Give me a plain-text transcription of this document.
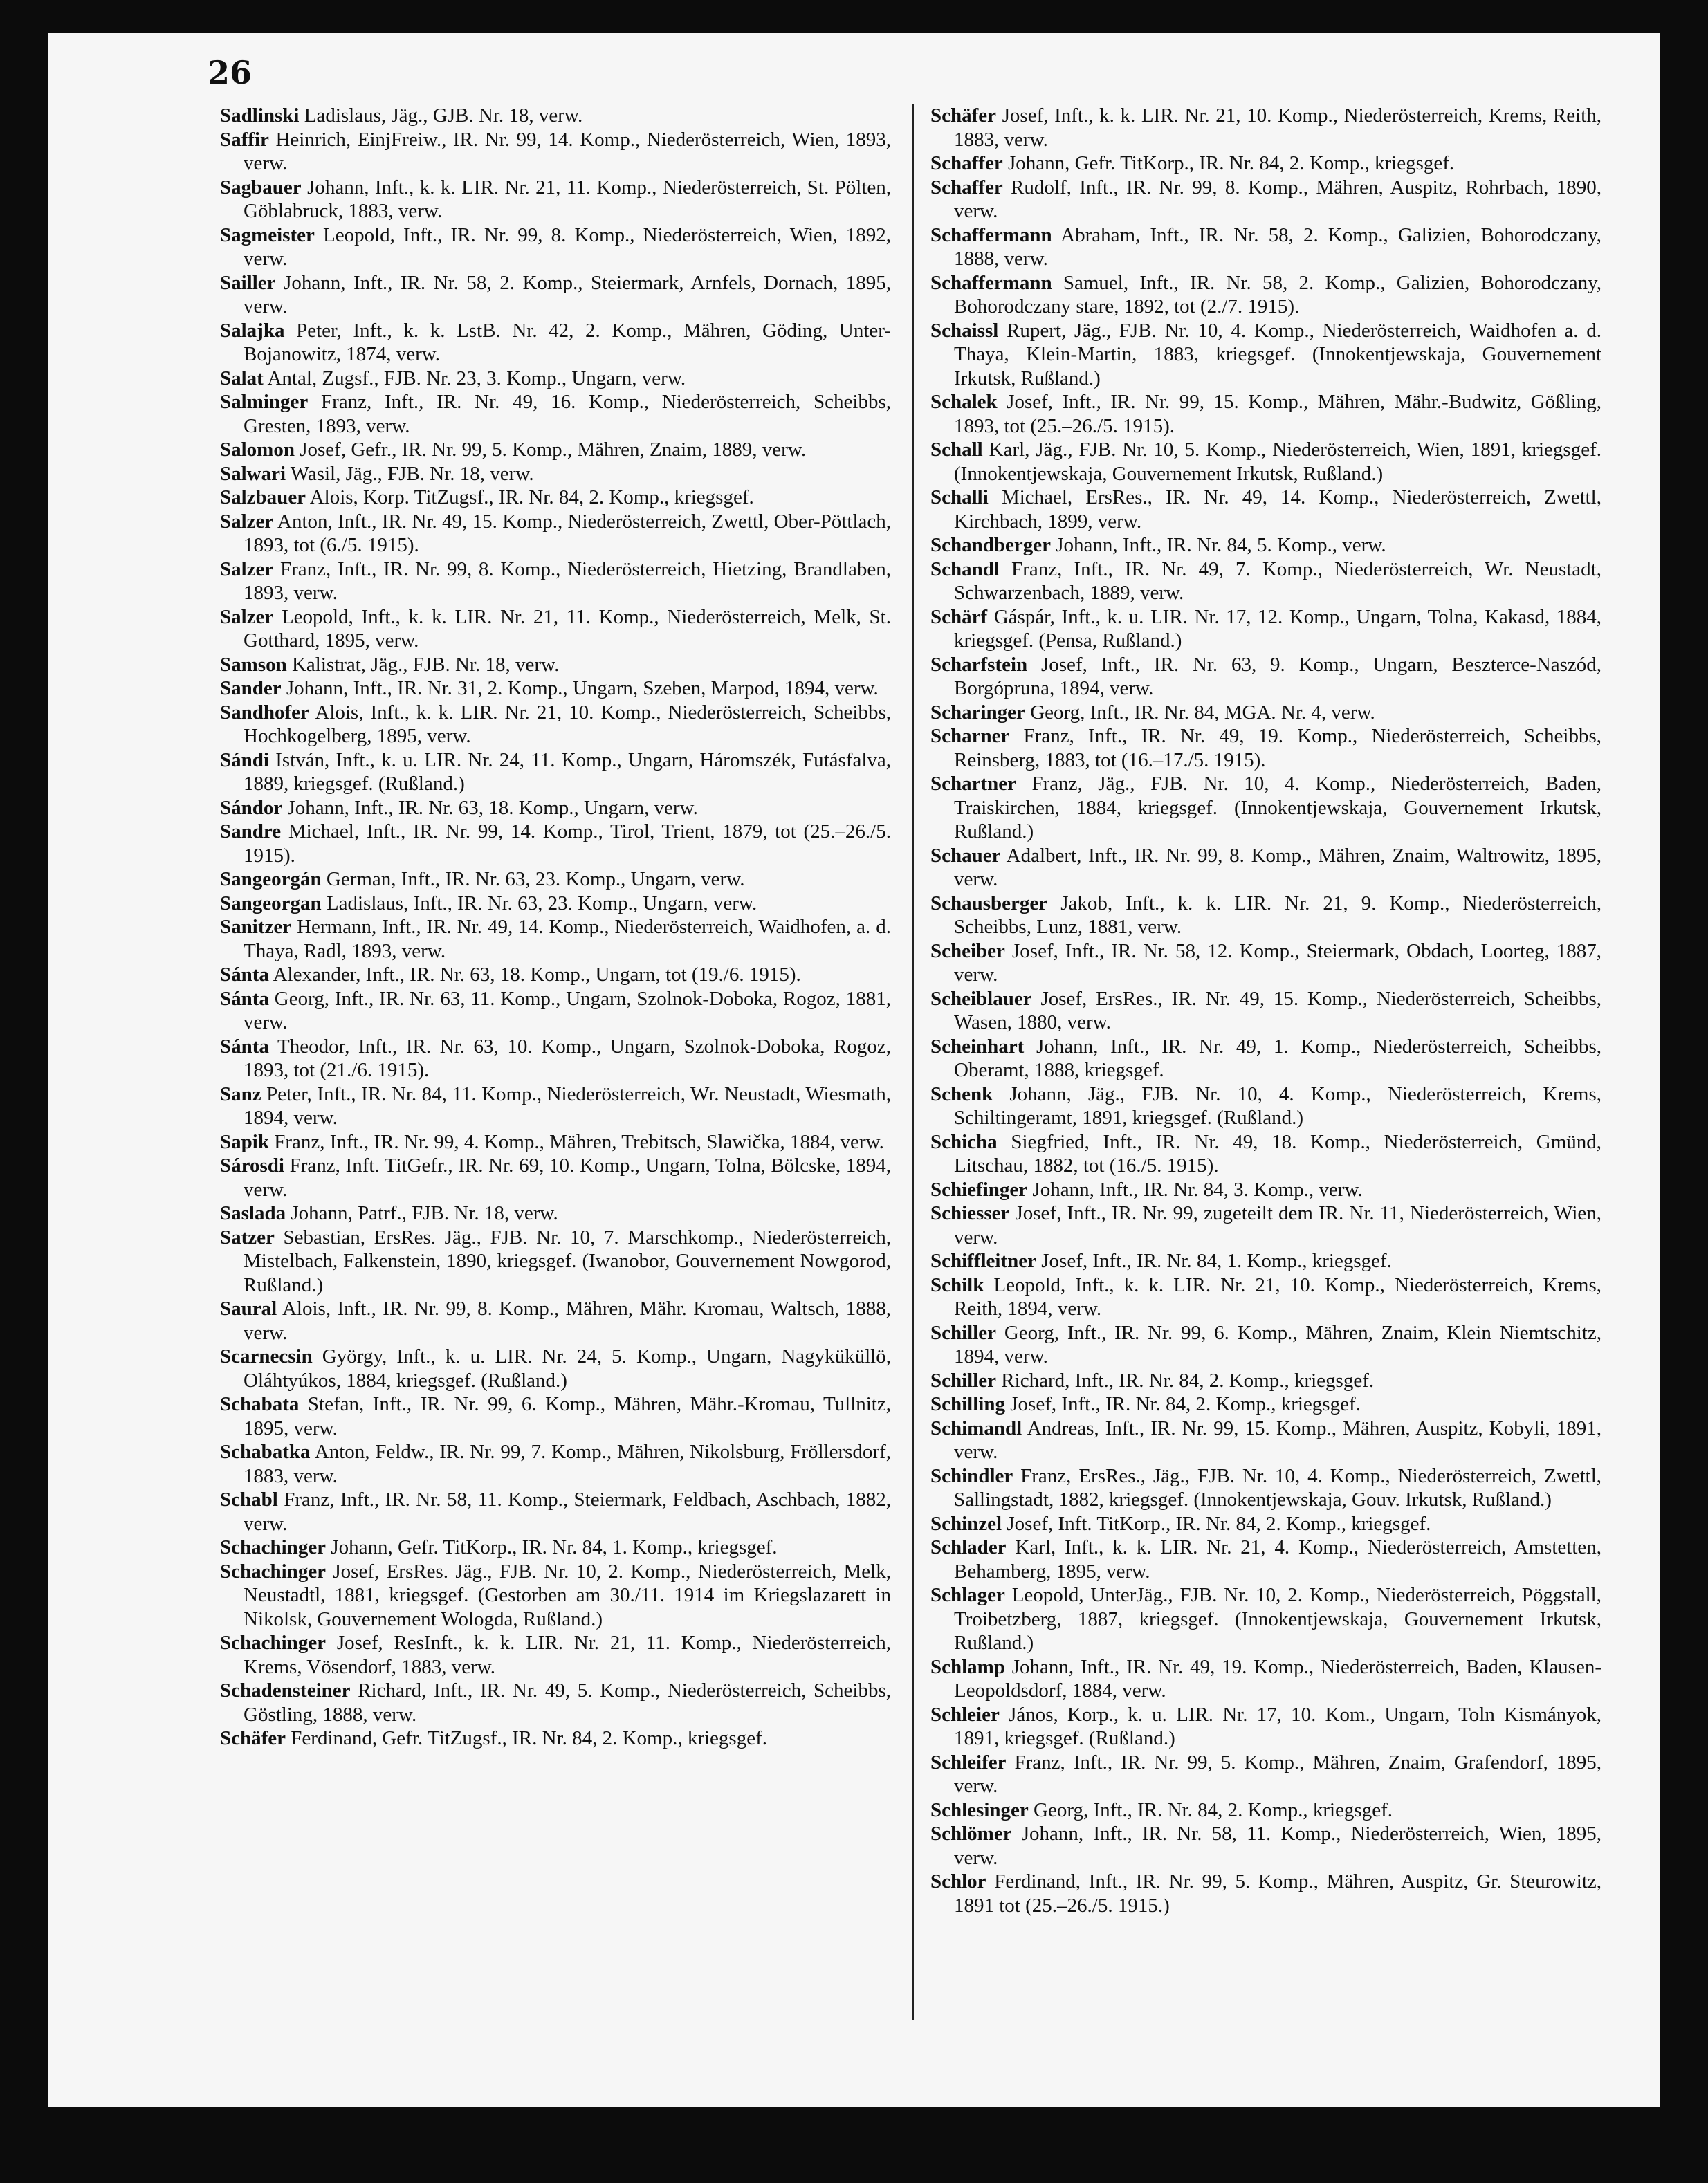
26

Sadlinski Ladislaus, Jäg., GJB. Nr. 18, verw.

Saffir Heinrich, EinjFreiw., IR. Nr. 99, 14. Komp., Niederösterreich, Wien, 1893, verw.

Sagbauer Johann, Inft., k. k. LIR. Nr. 21, 11. Komp., Niederösterreich, St. Pölten, Göblabruck, 1883, verw.

Sagmeister Leopold, Inft., IR. Nr. 99, 8. Komp., Niederösterreich, Wien, 1892, verw.

Sailler Johann, Inft., IR. Nr. 58, 2. Komp., Steiermark, Arnfels, Dornach, 1895, verw.

Salajka Peter, Inft., k. k. LstB. Nr. 42, 2. Komp., Mähren, Göding, Unter-Bojanowitz, 1874, verw.

Salat Antal, Zugsf., FJB. Nr. 23, 3. Komp., Ungarn, verw.

Salminger Franz, Inft., IR. Nr. 49, 16. Komp., Niederösterreich, Scheibbs, Gresten, 1893, verw.

Salomon Josef, Gefr., IR. Nr. 99, 5. Komp., Mähren, Znaim, 1889, verw.

Salwari Wasil, Jäg., FJB. Nr. 18, verw.

Salzbauer Alois, Korp. TitZugsf., IR. Nr. 84, 2. Komp., kriegsgef.

Salzer Anton, Inft., IR. Nr. 49, 15. Komp., Niederösterreich, Zwettl, Ober-Pöttlach, 1893, tot (6./5. 1915).

Salzer Franz, Inft., IR. Nr. 99, 8. Komp., Niederösterreich, Hietzing, Brandlaben, 1893, verw.

Salzer Leopold, Inft., k. k. LIR. Nr. 21, 11. Komp., Niederösterreich, Melk, St. Gotthard, 1895, verw.

Samson Kalistrat, Jäg., FJB. Nr. 18, verw.

Sander Johann, Inft., IR. Nr. 31, 2. Komp., Ungarn, Szeben, Marpod, 1894, verw.

Sandhofer Alois, Inft., k. k. LIR. Nr. 21, 10. Komp., Niederösterreich, Scheibbs, Hochkogelberg, 1895, verw.

Sándi István, Inft., k. u. LIR. Nr. 24, 11. Komp., Ungarn, Háromszék, Futásfalva, 1889, kriegsgef. (Rußland.)

Sándor Johann, Inft., IR. Nr. 63, 18. Komp., Ungarn, verw.

Sandre Michael, Inft., IR. Nr. 99, 14. Komp., Tirol, Trient, 1879, tot (25.–26./5. 1915).

Sangeorgán German, Inft., IR. Nr. 63, 23. Komp., Ungarn, verw.

Sangeorgan Ladislaus, Inft., IR. Nr. 63, 23. Komp., Ungarn, verw.

Sanitzer Hermann, Inft., IR. Nr. 49, 14. Komp., Niederösterreich, Waidhofen, a. d. Thaya, Radl, 1893, verw.

Sánta Alexander, Inft., IR. Nr. 63, 18. Komp., Ungarn, tot (19./6. 1915).

Sánta Georg, Inft., IR. Nr. 63, 11. Komp., Ungarn, Szolnok-Doboka, Rogoz, 1881, verw.

Sánta Theodor, Inft., IR. Nr. 63, 10. Komp., Ungarn, Szolnok-Doboka, Rogoz, 1893, tot (21./6. 1915).

Sanz Peter, Inft., IR. Nr. 84, 11. Komp., Niederösterreich, Wr. Neustadt, Wiesmath, 1894, verw.

Sapik Franz, Inft., IR. Nr. 99, 4. Komp., Mähren, Trebitsch, Slawička, 1884, verw.

Sárosdi Franz, Inft. TitGefr., IR. Nr. 69, 10. Komp., Ungarn, Tolna, Bölcske, 1894, verw.

Saslada Johann, Patrf., FJB. Nr. 18, verw.

Satzer Sebastian, ErsRes. Jäg., FJB. Nr. 10, 7. Marschkomp., Niederösterreich, Mistelbach, Falkenstein, 1890, kriegsgef. (Iwanobor, Gouvernement Nowgorod, Rußland.)

Saural Alois, Inft., IR. Nr. 99, 8. Komp., Mähren, Mähr. Kromau, Waltsch, 1888, verw.

Scarnecsin György, Inft., k. u. LIR. Nr. 24, 5. Komp., Ungarn, Nagyküküllö, Oláhtyúkos, 1884, kriegsgef. (Rußland.)

Schabata Stefan, Inft., IR. Nr. 99, 6. Komp., Mähren, Mähr.-Kromau, Tullnitz, 1895, verw.

Schabatka Anton, Feldw., IR. Nr. 99, 7. Komp., Mähren, Nikolsburg, Fröllersdorf, 1883, verw.

Schabl Franz, Inft., IR. Nr. 58, 11. Komp., Steiermark, Feldbach, Aschbach, 1882, verw.

Schachinger Johann, Gefr. TitKorp., IR. Nr. 84, 1. Komp., kriegsgef.

Schachinger Josef, ErsRes. Jäg., FJB. Nr. 10, 2. Komp., Niederösterreich, Melk, Neustadtl, 1881, kriegsgef. (Gestorben am 30./11. 1914 im Kriegslazarett in Nikolsk, Gouvernement Wologda, Rußland.)

Schachinger Josef, ResInft., k. k. LIR. Nr. 21, 11. Komp., Niederösterreich, Krems, Vösendorf, 1883, verw.

Schadensteiner Richard, Inft., IR. Nr. 49, 5. Komp., Niederösterreich, Scheibbs, Göstling, 1888, verw.

Schäfer Ferdinand, Gefr. TitZugsf., IR. Nr. 84, 2. Komp., kriegsgef.

Schäfer Josef, Inft., k. k. LIR. Nr. 21, 10. Komp., Niederösterreich, Krems, Reith, 1883, verw.

Schaffer Johann, Gefr. TitKorp., IR. Nr. 84, 2. Komp., kriegsgef.

Schaffer Rudolf, Inft., IR. Nr. 99, 8. Komp., Mähren, Auspitz, Rohrbach, 1890, verw.

Schaffermann Abraham, Inft., IR. Nr. 58, 2. Komp., Galizien, Bohorodczany, 1888, verw.

Schaffermann Samuel, Inft., IR. Nr. 58, 2. Komp., Galizien, Bohorodczany, Bohorodczany stare, 1892, tot (2./7. 1915).

Schaissl Rupert, Jäg., FJB. Nr. 10, 4. Komp., Niederösterreich, Waidhofen a. d. Thaya, Klein-Martin, 1883, kriegsgef. (Innokentjewskaja, Gouvernement Irkutsk, Rußland.)

Schalek Josef, Inft., IR. Nr. 99, 15. Komp., Mähren, Mähr.-Budwitz, Gößling, 1893, tot (25.–26./5. 1915).

Schall Karl, Jäg., FJB. Nr. 10, 5. Komp., Niederösterreich, Wien, 1891, kriegsgef. (Innokentjewskaja, Gouvernement Irkutsk, Rußland.)

Schalli Michael, ErsRes., IR. Nr. 49, 14. Komp., Niederösterreich, Zwettl, Kirchbach, 1899, verw.

Schandberger Johann, Inft., IR. Nr. 84, 5. Komp., verw.

Schandl Franz, Inft., IR. Nr. 49, 7. Komp., Niederösterreich, Wr. Neustadt, Schwarzenbach, 1889, verw.

Schärf Gáspár, Inft., k. u. LIR. Nr. 17, 12. Komp., Ungarn, Tolna, Kakasd, 1884, kriegsgef. (Pensa, Rußland.)

Scharfstein Josef, Inft., IR. Nr. 63, 9. Komp., Ungarn, Beszterce-Naszód, Borgópruna, 1894, verw.

Scharinger Georg, Inft., IR. Nr. 84, MGA. Nr. 4, verw.

Scharner Franz, Inft., IR. Nr. 49, 19. Komp., Niederösterreich, Scheibbs, Reinsberg, 1883, tot (16.–17./5. 1915).

Schartner Franz, Jäg., FJB. Nr. 10, 4. Komp., Niederösterreich, Baden, Traiskirchen, 1884, kriegsgef. (Innokentjewskaja, Gouvernement Irkutsk, Rußland.)

Schauer Adalbert, Inft., IR. Nr. 99, 8. Komp., Mähren, Znaim, Waltrowitz, 1895, verw.

Schausberger Jakob, Inft., k. k. LIR. Nr. 21, 9. Komp., Niederösterreich, Scheibbs, Lunz, 1881, verw.

Scheiber Josef, Inft., IR. Nr. 58, 12. Komp., Steiermark, Obdach, Loorteg, 1887, verw.

Scheiblauer Josef, ErsRes., IR. Nr. 49, 15. Komp., Niederösterreich, Scheibbs, Wasen, 1880, verw.

Scheinhart Johann, Inft., IR. Nr. 49, 1. Komp., Niederösterreich, Scheibbs, Oberamt, 1888, kriegsgef.

Schenk Johann, Jäg., FJB. Nr. 10, 4. Komp., Niederösterreich, Krems, Schiltingeramt, 1891, kriegsgef. (Rußland.)

Schicha Siegfried, Inft., IR. Nr. 49, 18. Komp., Niederösterreich, Gmünd, Litschau, 1882, tot (16./5. 1915).

Schiefinger Johann, Inft., IR. Nr. 84, 3. Komp., verw.

Schiesser Josef, Inft., IR. Nr. 99, zugeteilt dem IR. Nr. 11, Niederösterreich, Wien, verw.

Schiffleitner Josef, Inft., IR. Nr. 84, 1. Komp., kriegsgef.

Schilk Leopold, Inft., k. k. LIR. Nr. 21, 10. Komp., Niederösterreich, Krems, Reith, 1894, verw.

Schiller Georg, Inft., IR. Nr. 99, 6. Komp., Mähren, Znaim, Klein Niemtschitz, 1894, verw.

Schiller Richard, Inft., IR. Nr. 84, 2. Komp., kriegsgef.

Schilling Josef, Inft., IR. Nr. 84, 2. Komp., kriegsgef.

Schimandl Andreas, Inft., IR. Nr. 99, 15. Komp., Mähren, Auspitz, Kobyli, 1891, verw.

Schindler Franz, ErsRes., Jäg., FJB. Nr. 10, 4. Komp., Niederösterreich, Zwettl, Sallingstadt, 1882, kriegsgef. (Innokentjewskaja, Gouv. Irkutsk, Rußland.)

Schinzel Josef, Inft. TitKorp., IR. Nr. 84, 2. Komp., kriegsgef.

Schlader Karl, Inft., k. k. LIR. Nr. 21, 4. Komp., Niederösterreich, Amstetten, Behamberg, 1895, verw.

Schlager Leopold, UnterJäg., FJB. Nr. 10, 2. Komp., Niederösterreich, Pöggstall, Troibetzberg, 1887, kriegsgef. (Innokentjewskaja, Gouvernement Irkutsk, Rußland.)

Schlamp Johann, Inft., IR. Nr. 49, 19. Komp., Niederösterreich, Baden, Klausen-Leopoldsdorf, 1884, verw.

Schleier János, Korp., k. u. LIR. Nr. 17, 10. Kom., Ungarn, Toln Kismányok, 1891, kriegsgef. (Rußland.)

Schleifer Franz, Inft., IR. Nr. 99, 5. Komp., Mähren, Znaim, Grafendorf, 1895, verw.

Schlesinger Georg, Inft., IR. Nr. 84, 2. Komp., kriegsgef.

Schlömer Johann, Inft., IR. Nr. 58, 11. Komp., Niederösterreich, Wien, 1895, verw.

Schlor Ferdinand, Inft., IR. Nr. 99, 5. Komp., Mähren, Auspitz, Gr. Steurowitz, 1891 tot (25.–26./5. 1915.)
